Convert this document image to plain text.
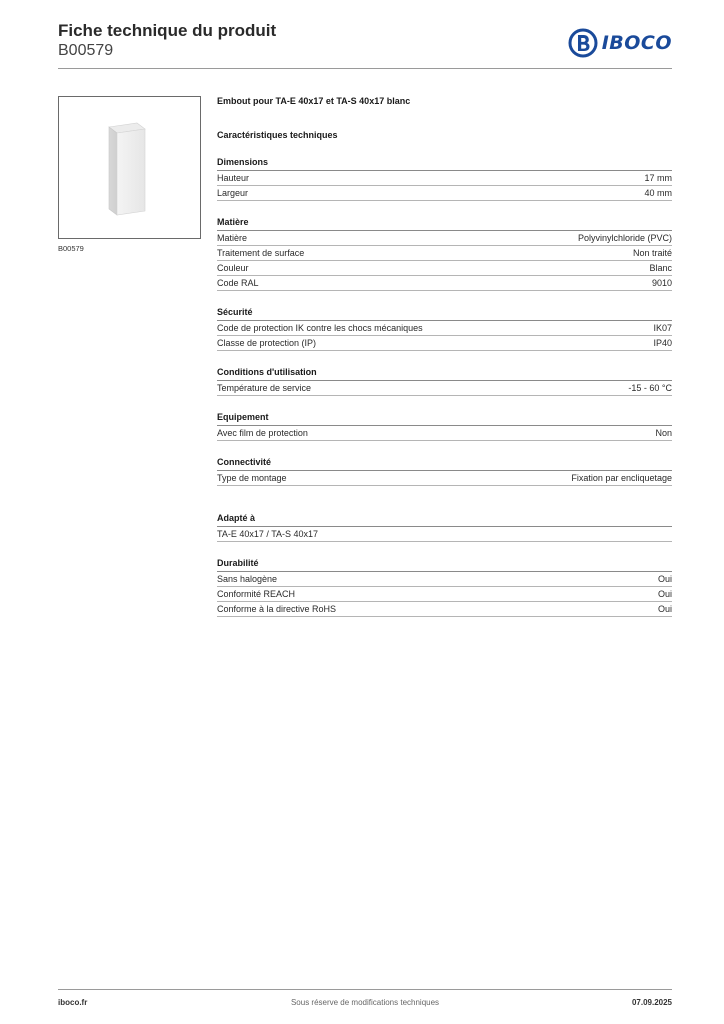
Fiche technique du produit
B00579	IBOCO
B00579
Embout pour TA-E 40x17 et TA-S 40x17 blanc
Caractéristiques techniques
Dimensions
Hauteur	17 mm
Largeur	40 mm
Matière
Matière	Polyvinylchloride (PVC)
Traitement de surface	Non traité
Couleur	Blanc
Code RAL	9010
Sécurité
Code de protection IK contre les chocs mécaniques	IK07
Classe de protection (IP)	IP40
Conditions d'utilisation
Température de service	-15 - 60 °C
Equipement
Avec film de protection	Non
Connectivité
Type de montage	Fixation par encliquetage
Adapté à
TA-E 40x17 / TA-S 40x17
Durabilité
Sans halogène	Oui
Conformité REACH	Oui
Conforme à la directive RoHS	Oui
iboco.fr	Sous réserve de modifications techniques	07.09.2025
